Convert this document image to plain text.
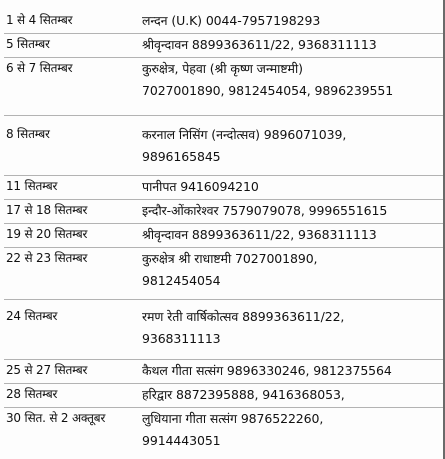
1 से 4 सितम्बर	लन्दन (U.K) 0044-7957198293
5 सितम्बर	श्रीवृन्दावन 8899363611/22, 9368311113
6 से 7 सितम्बर	कुरुक्षेत्र, पेहवा (श्री कृष्ण जन्माष्टमी)
7027001890, 9812454054, 9896239551
8 सितम्बर	करनाल निसिंग (नन्दोत्सव) 9896071039,
9896165845
11 सितम्बर	पानीपत 9416094210
17 से 18 सितम्बर	इन्दौर-ओंकारेश्वर 7579079078, 9996551615
19 से 20 सितम्बर	श्रीवृन्दावन 8899363611/22, 9368311113
22 से 23 सितम्बर	कुरुक्षेत्र श्री राधाष्टमी 7027001890,
9812454054
24 सितम्बर	रमण रेती वार्षिकोत्सव 8899363611/22,
9368311113
25 से 27 सितम्बर	कैथल गीता सत्संग 9896330246, 9812375564
28 सितम्बर	हरिद्वार 8872395888, 9416368053,
30 सित. से 2 अक्तूबर	लुधियाना गीता सत्संग 9876522260,
9914443051
